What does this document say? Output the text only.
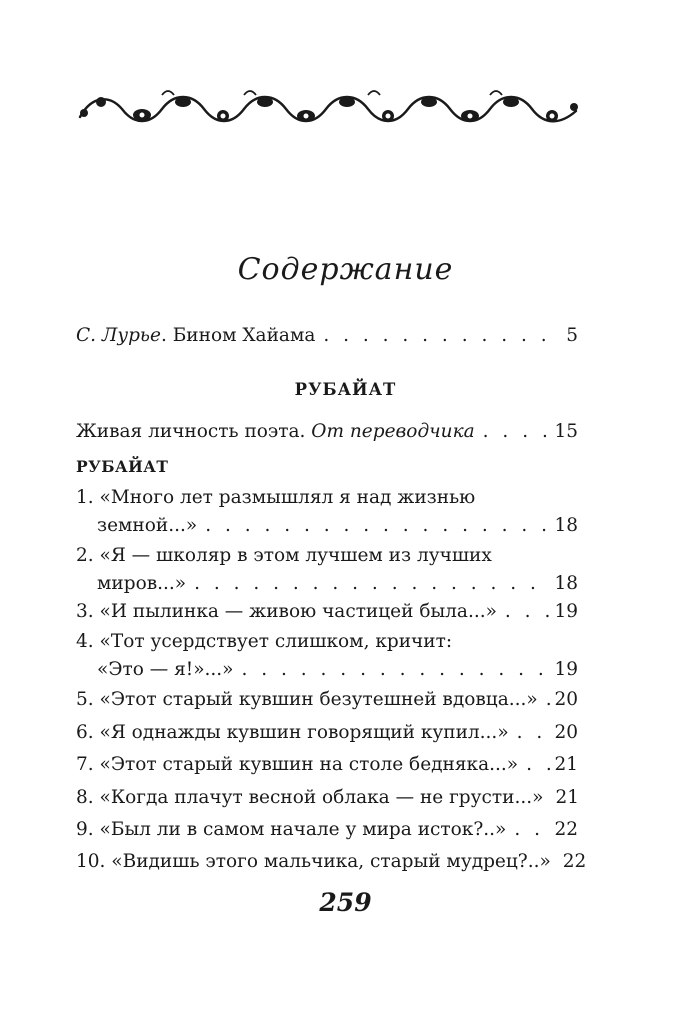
Содержание
С. Лурье. Бином Хайама . . .	5
РУБАЙАТ
Живая личность поэта. От переводчика . . .	15
РУБАЙАТ
1. «Много лет размышлял я над жизнью
земной...» . . .	18
2. «Я — школяр в этом лучшем из лучших
миров...» . . .	18
3. «И пылинка — живою частицей была...» . . .	19
4. «Тот усердствует слишком, кричит:
«Это — я!»...» . . .	19
5. «Этот старый кувшин безутешней вдовца...» . . . 20
6. «Я однажды кувшин говорящий купил...» . . . 20
7. «Этот старый кувшин на столе бедняка...» . . . 21
8. «Когда плачут весной облака — не грусти...» 21
9. «Был ли в самом начале у мира исток?..» . . .	22
10. «Видишь этого мальчика, старый мудрец?..» 22
259
